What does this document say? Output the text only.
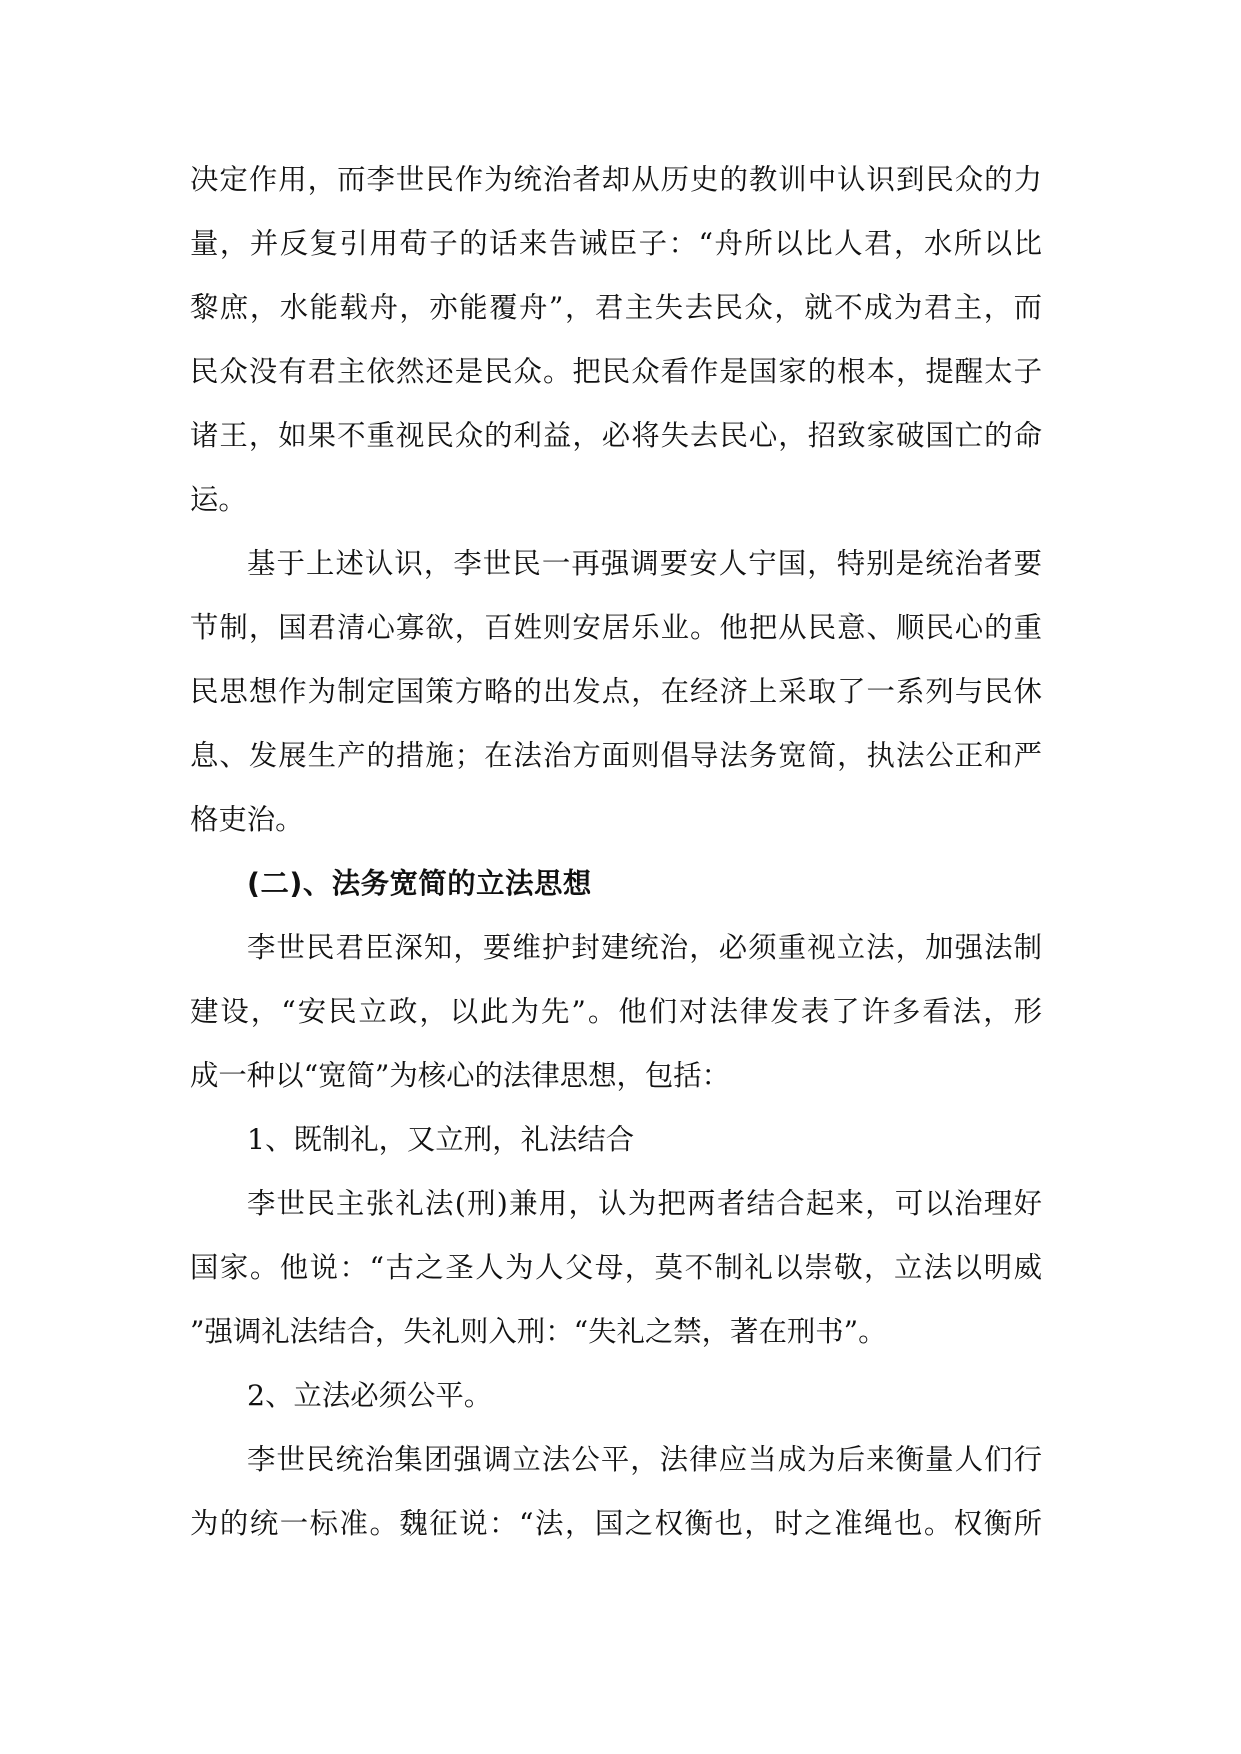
决定作用，而李世民作为统治者却从历史的教训中认识到民众的力
量，并反复引用荀子的话来告诫臣子：“舟所以比人君，水所以比
黎庶，水能载舟，亦能覆舟”，君主失去民众，就不成为君主，而
民众没有君主依然还是民众。把民众看作是国家的根本，提醒太子
诸王，如果不重视民众的利益，必将失去民心，招致家破国亡的命
运。
基于上述认识，李世民一再强调要安人宁国，特别是统治者要
节制，国君清心寡欲，百姓则安居乐业。他把从民意、顺民心的重
民思想作为制定国策方略的出发点，在经济上采取了一系列与民休
息、发展生产的措施；在法治方面则倡导法务宽简，执法公正和严
格吏治。
(二)、法务宽简的立法思想
李世民君臣深知，要维护封建统治，必须重视立法，加强法制
建设，“安民立政，以此为先”。他们对法律发表了许多看法，形
成一种以“宽简”为核心的法律思想，包括：
1、既制礼，又立刑，礼法结合
李世民主张礼法(刑)兼用，认为把两者结合起来，可以治理好
国家。他说：“古之圣人为人父母，莫不制礼以崇敬，立法以明威
”强调礼法结合，失礼则入刑：“失礼之禁，著在刑书”。
2、立法必须公平。
李世民统治集团强调立法公平，法律应当成为后来衡量人们行
为的统一标准。魏征说：“法，国之权衡也，时之准绳也。权衡所
